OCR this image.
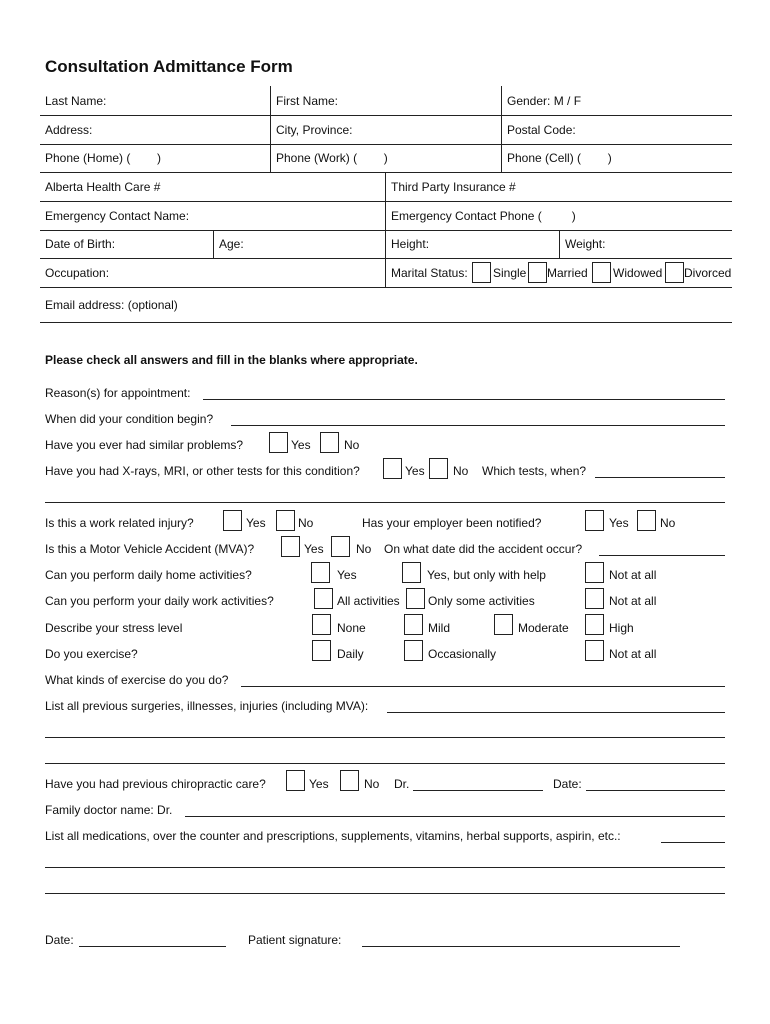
Consultation Admittance Form
Last Name:	First Name:	Gender: M / F
Address:	City, Province:	Postal Code:
Phone (Home) (        )	Phone (Work) (        )	Phone (Cell) (        )
Alberta Health Care #	Third Party Insurance #
Emergency Contact Name:	Emergency Contact Phone (         )
Date of Birth:	Age:	Height:	Weight:
Occupation:	Marital Status: Single Married Widowed Divorced
Email address: (optional)
Please check all answers and fill in the blanks where appropriate.
Reason(s) for appointment:
When did your condition begin?
Have you ever had similar problems?	Yes	No
Have you had X-rays, MRI, or other tests for this condition?	Yes No Which tests, when?
Is this a work related injury?	Yes	No	Has your employer been notified?	Yes	No
Is this a Motor Vehicle Accident (MVA)?	Yes	No On what date did the accident occur?
Can you perform daily home activities?	Yes	Yes, but only with help	Not at all
Can you perform your daily work activities?	All activities Only some activities	Not at all
Describe your stress level	None	Mild	Moderate	High
Do you exercise?	Daily	Occasionally	Not at all
What kinds of exercise do you do?
List all previous surgeries, illnesses, injuries (including MVA):
Have you had previous chiropractic care?	Yes	No Dr.	Date:
Family doctor name: Dr.
List all medications, over the counter and prescriptions, supplements, vitamins, herbal supports, aspirin, etc.:
Date:	Patient signature:
